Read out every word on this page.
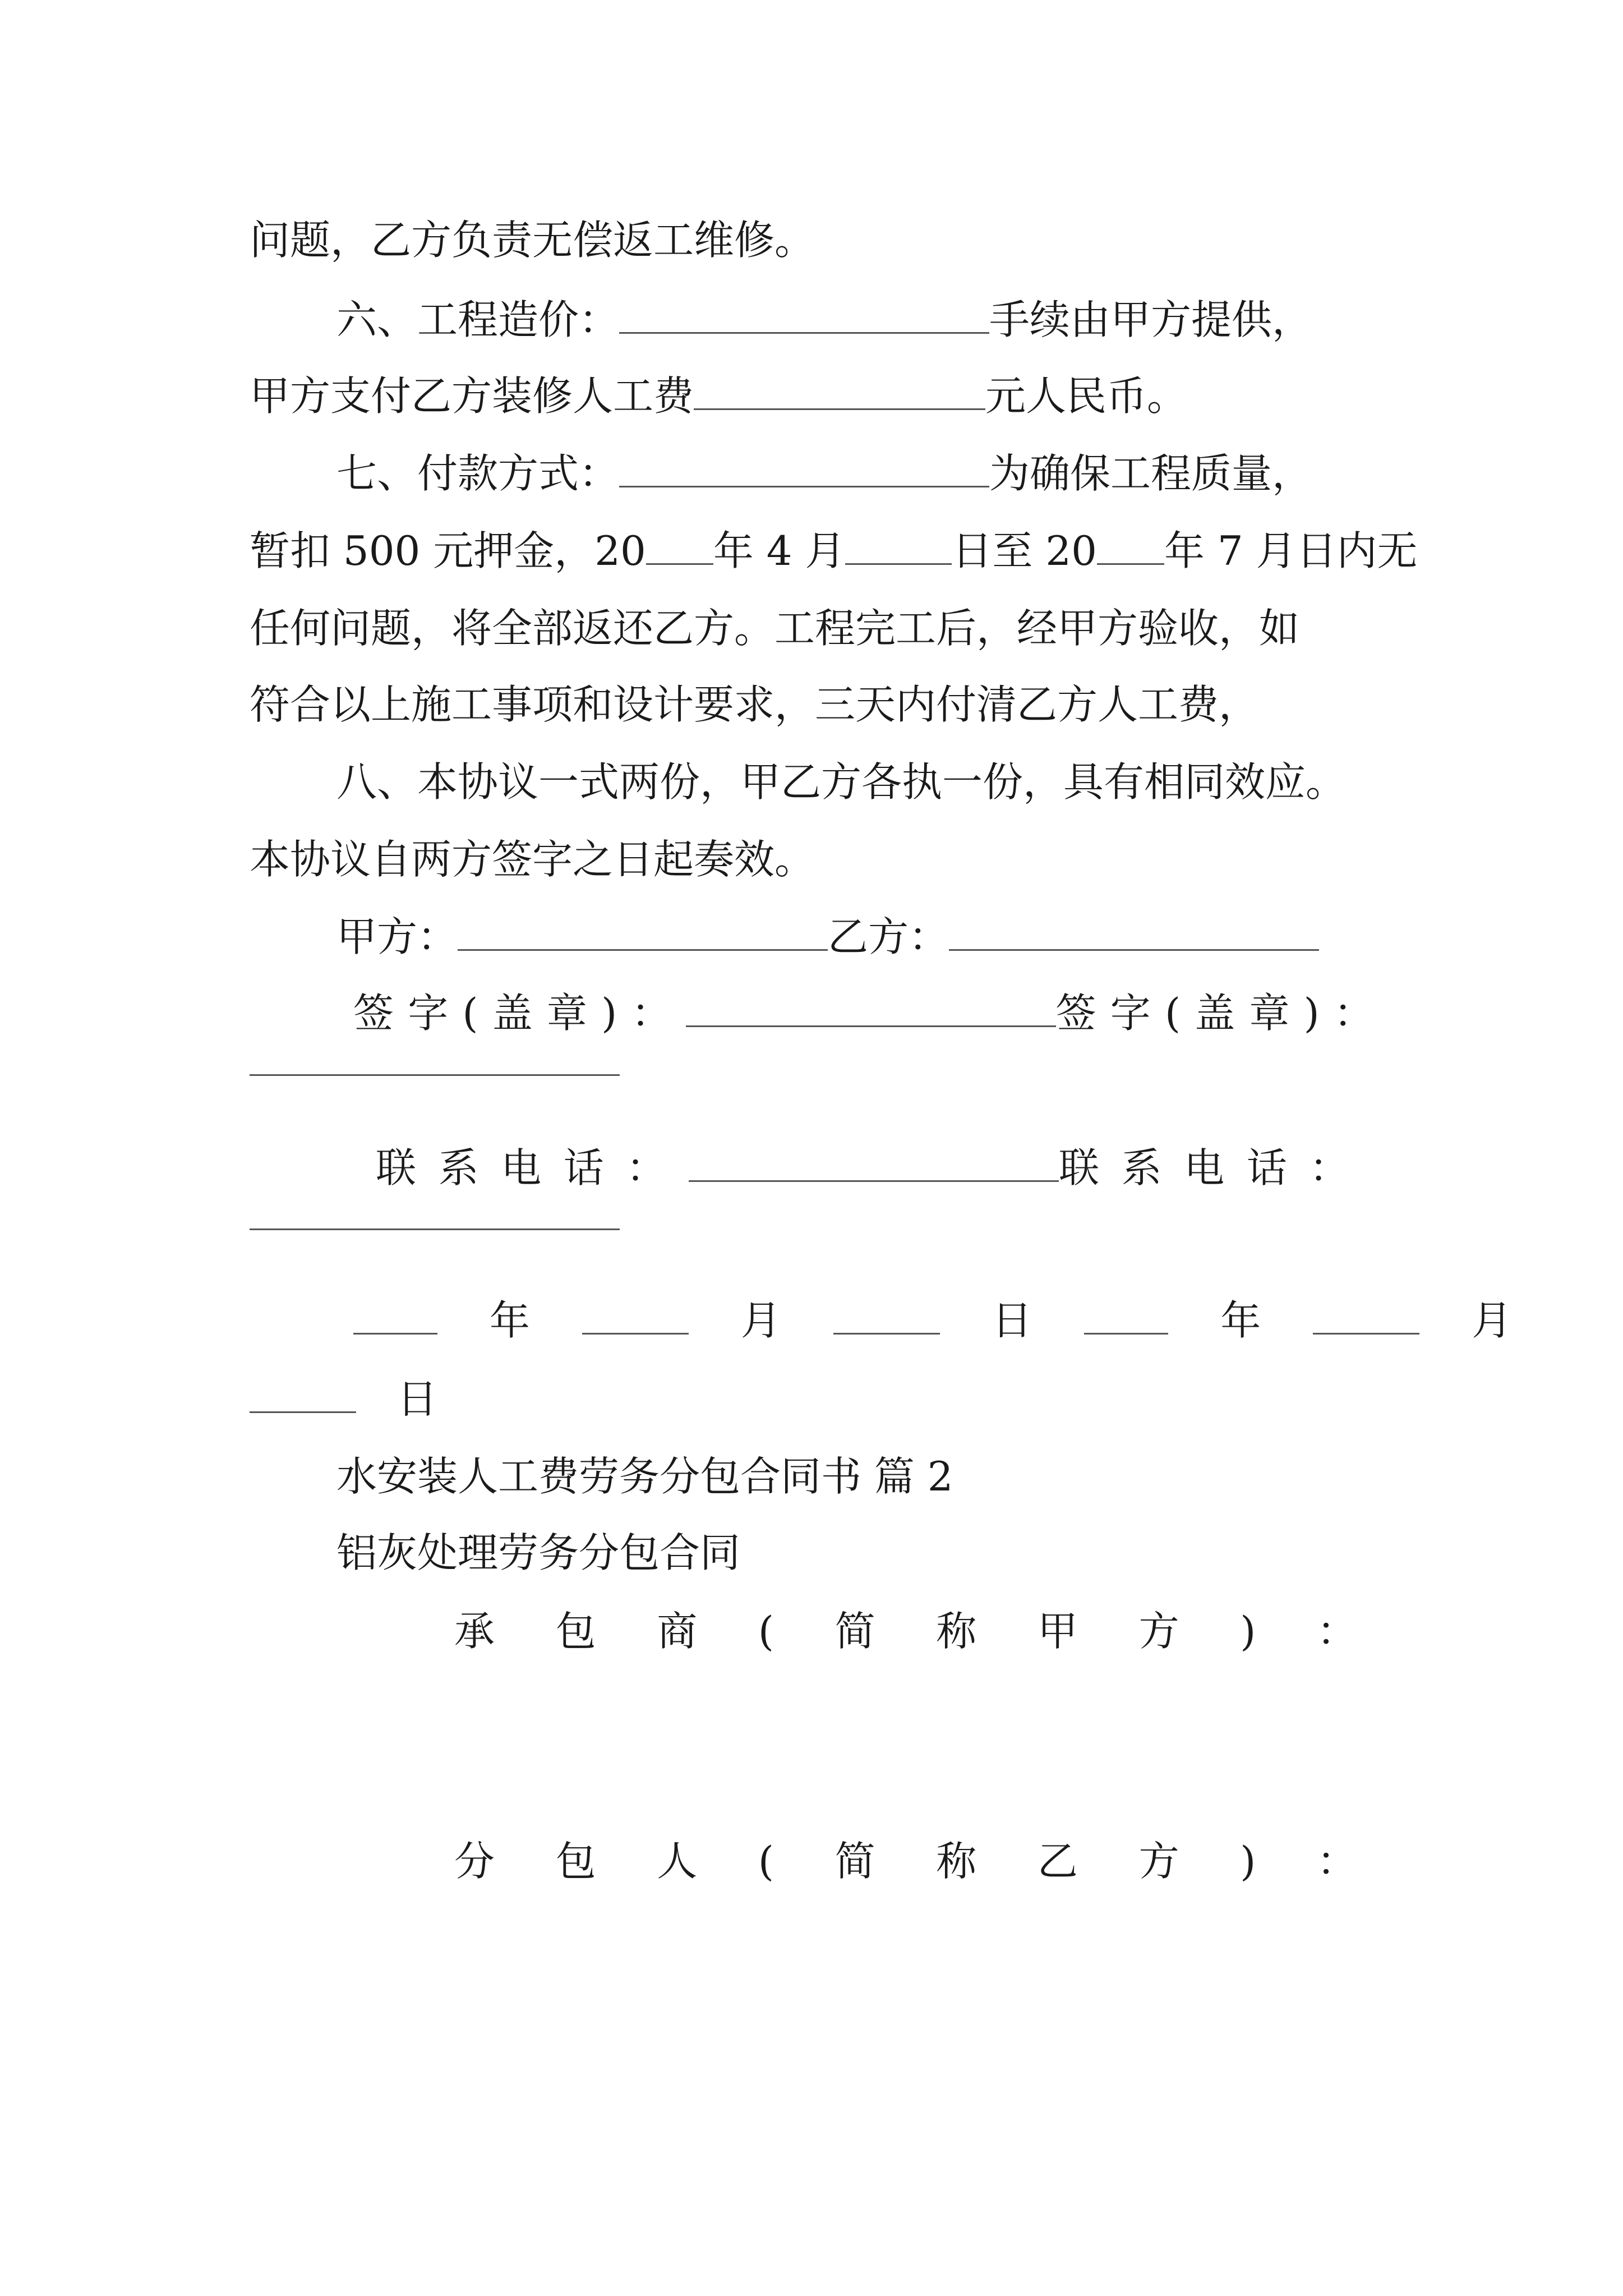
问题，乙方负责无偿返工维修。
六、工程造价：	手续由甲方提供，
甲方支付乙方装修人工费	元人民币。
七、付款方式：	为确保工程质量，
暂扣 500 元押金，20 年 4 月	日至 20 年 7 月日内无
任何问题，将全部返还乙方。工程完工后，经甲方验收，如
符合以上施工事项和设计要求，三天内付清乙方人工费，
八、本协议一式两份，甲乙方各执一份，具有相同效应。
本协议自两方签字之日起奏效。
甲方：	乙方：
签字(盖章)：	签字(盖章)：
联系电话：	联系电话：
年	月	日	年	月
日
水安装人工费劳务分包合同书 篇 2
铝灰处理劳务分包合同
承 包 商 ( 简 称 甲 方 ) ：
分 包 人 ( 简 称 乙 方 ) ：
